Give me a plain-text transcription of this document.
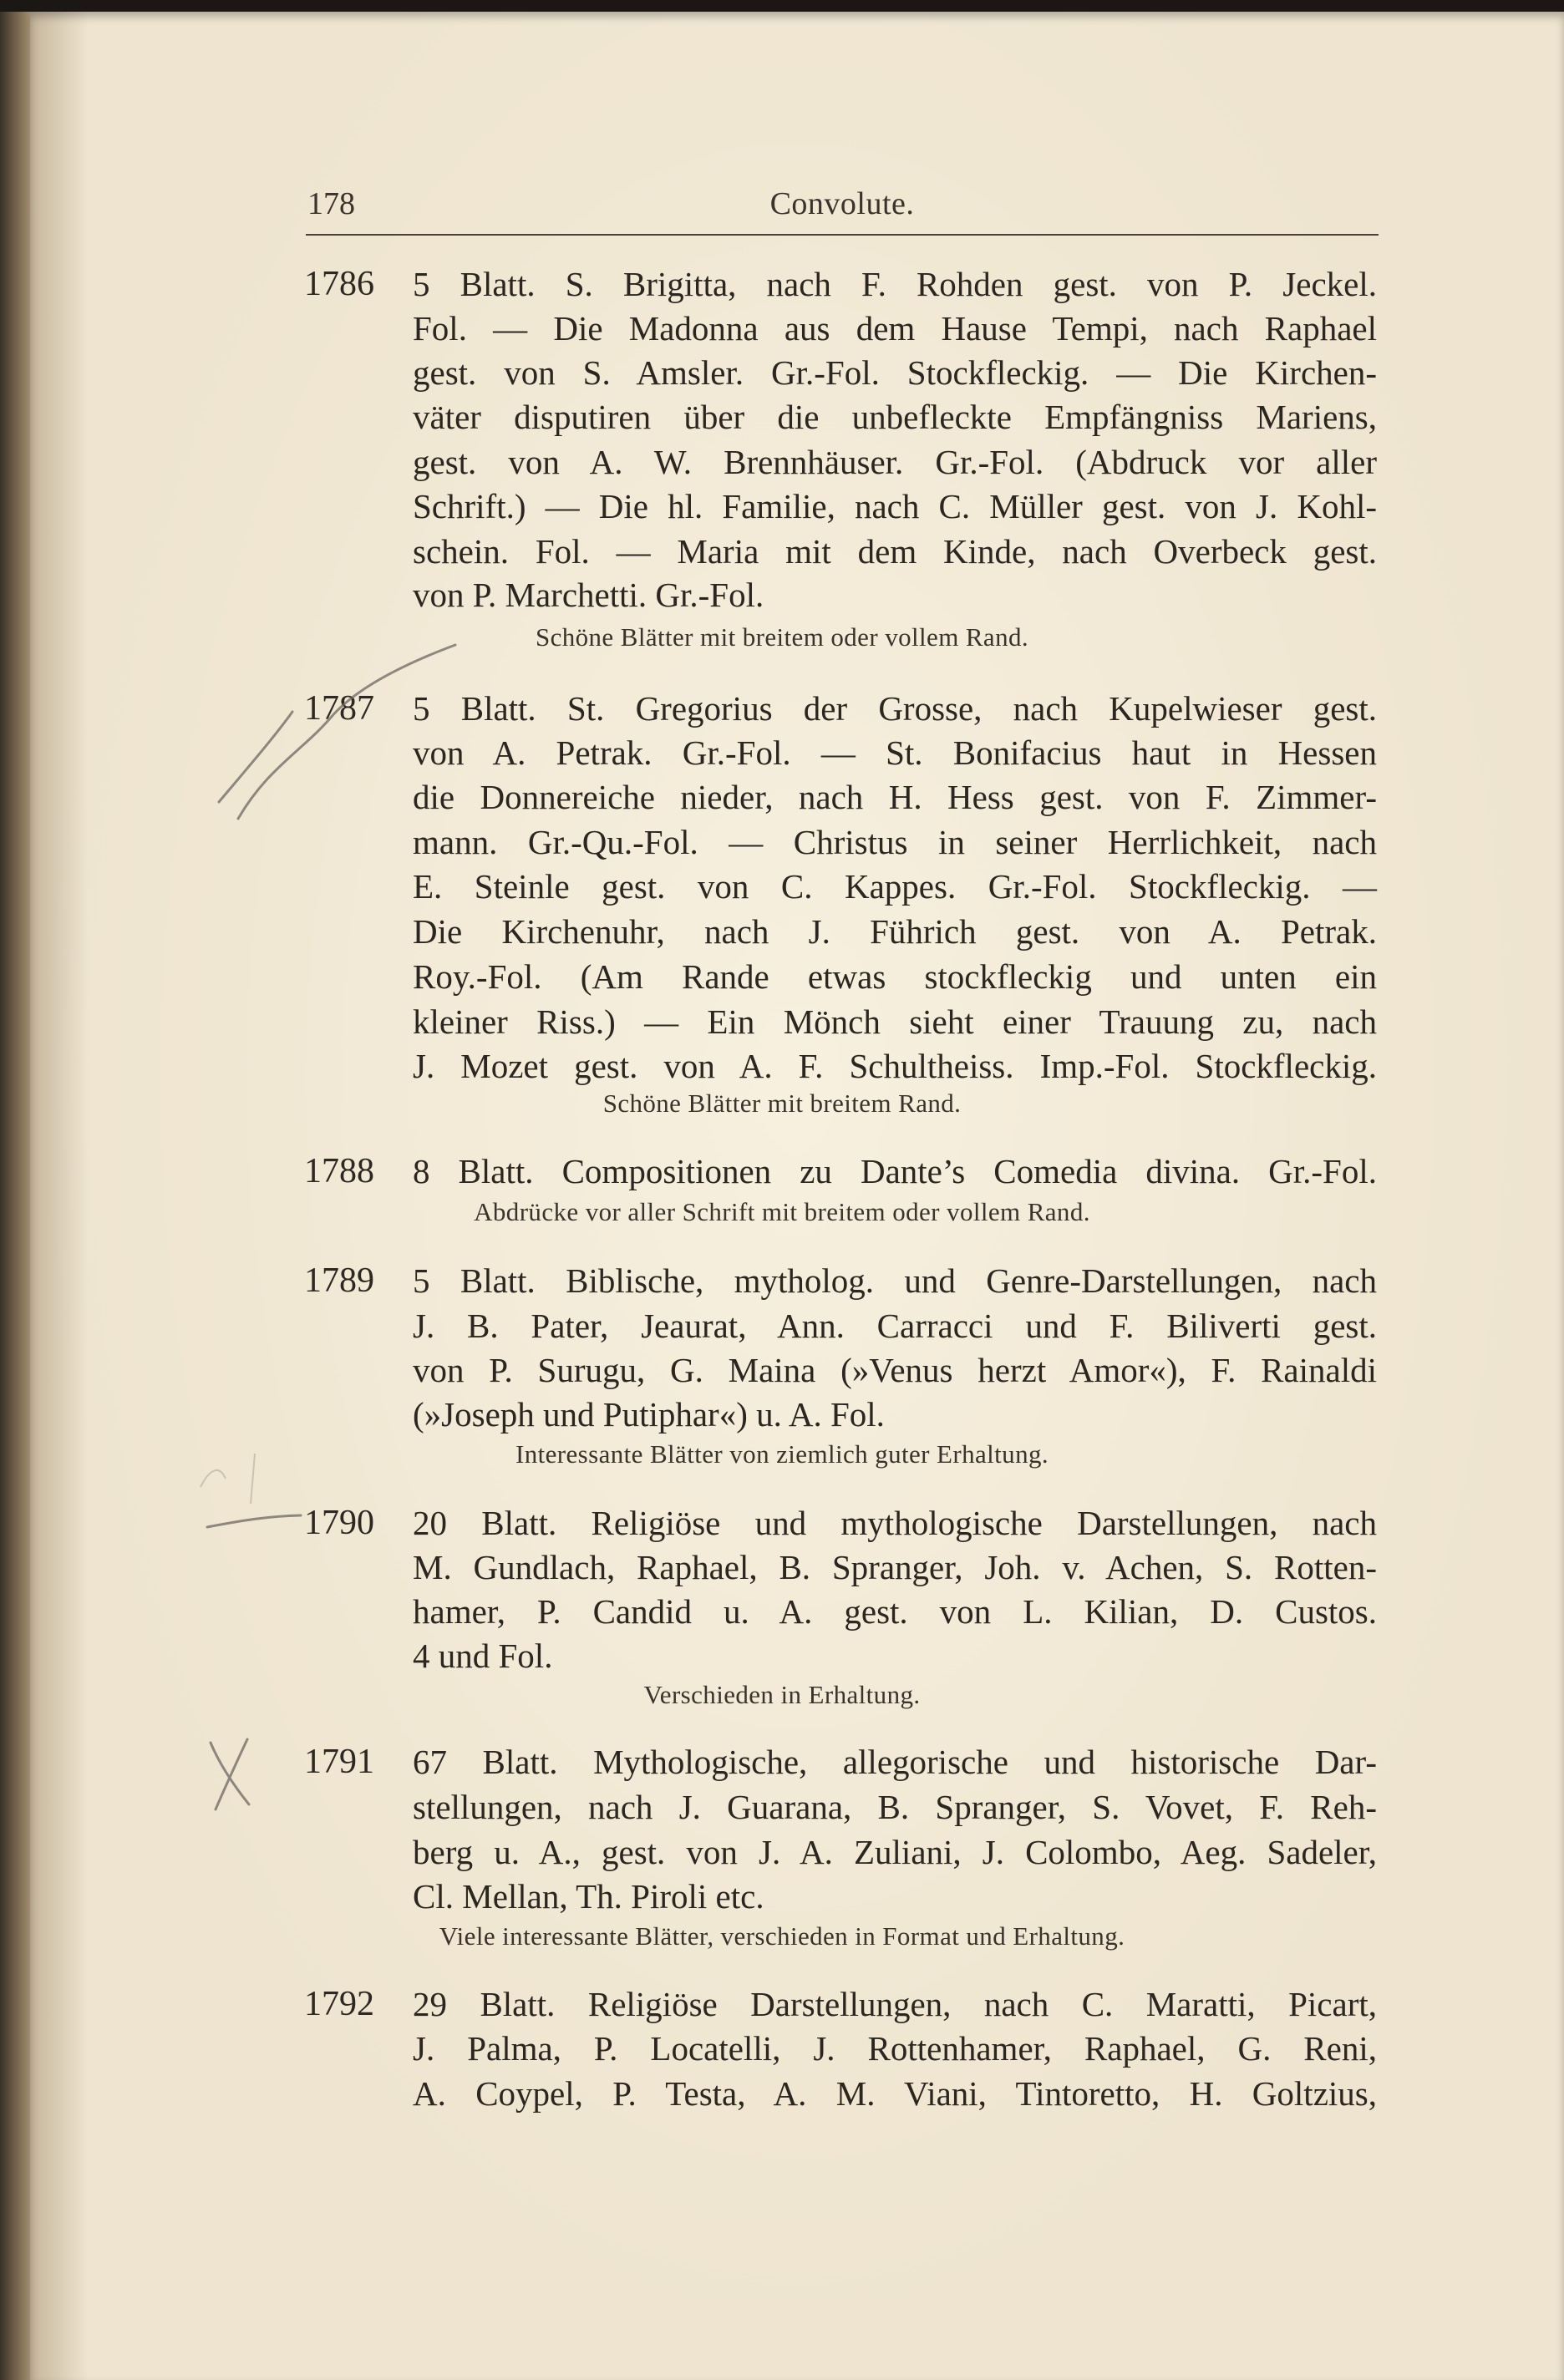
178	Convolute.
1786	5 Blatt. S. Brigitta, nach F. Rohden gest. von P. Jeckel.
Fol. — Die Madonna aus dem Hause Tempi, nach Raphael
gest. von S. Amsler. Gr.-Fol. Stockfleckig. — Die Kirchen-
väter disputiren über die unbefleckte Empfängniss Mariens,
gest. von A. W. Brennhäuser. Gr.-Fol. (Abdruck vor aller
Schrift.) — Die hl. Familie, nach C. Müller gest. von J. Kohl-
schein. Fol. — Maria mit dem Kinde, nach Overbeck gest.
von P. Marchetti. Gr.-Fol.
Schöne Blätter mit breitem oder vollem Rand.
1787	5 Blatt. St. Gregorius der Grosse, nach Kupelwieser gest.
von A. Petrak. Gr.-Fol. — St. Bonifacius haut in Hessen
die Donnereiche nieder, nach H. Hess gest. von F. Zimmer-
mann. Gr.-Qu.-Fol. — Christus in seiner Herrlichkeit, nach
E. Steinle gest. von C. Kappes. Gr.-Fol. Stockfleckig. —
Die Kirchenuhr, nach J. Führich gest. von A. Petrak.
Roy.-Fol. (Am Rande etwas stockfleckig und unten ein
kleiner Riss.) — Ein Mönch sieht einer Trauung zu, nach
J. Mozet gest. von A. F. Schultheiss. Imp.-Fol. Stockfleckig.
Schöne Blätter mit breitem Rand.
1788	8 Blatt. Compositionen zu Dante’s Comedia divina. Gr.-Fol.
Abdrücke vor aller Schrift mit breitem oder vollem Rand.
1789	5 Blatt. Biblische, mytholog. und Genre-Darstellungen, nach
J. B. Pater, Jeaurat, Ann. Carracci und F. Biliverti gest.
von P. Surugu, G. Maina (»Venus herzt Amor«), F. Rainaldi
(»Joseph und Putiphar«) u. A. Fol.
Interessante Blätter von ziemlich guter Erhaltung.
1790	20 Blatt. Religiöse und mythologische Darstellungen, nach
M. Gundlach, Raphael, B. Spranger, Joh. v. Achen, S. Rotten-
hamer, P. Candid u. A. gest. von L. Kilian, D. Custos.
4 und Fol.
Verschieden in Erhaltung.
1791	67 Blatt. Mythologische, allegorische und historische Dar-
stellungen, nach J. Guarana, B. Spranger, S. Vovet, F. Reh-
berg u. A., gest. von J. A. Zuliani, J. Colombo, Aeg. Sadeler,
Cl. Mellan, Th. Piroli etc.
Viele interessante Blätter, verschieden in Format und Erhaltung.
1792	29 Blatt. Religiöse Darstellungen, nach C. Maratti, Picart,
J. Palma, P. Locatelli, J. Rottenhamer, Raphael, G. Reni,
A. Coypel, P. Testa, A. M. Viani, Tintoretto, H. Goltzius,
